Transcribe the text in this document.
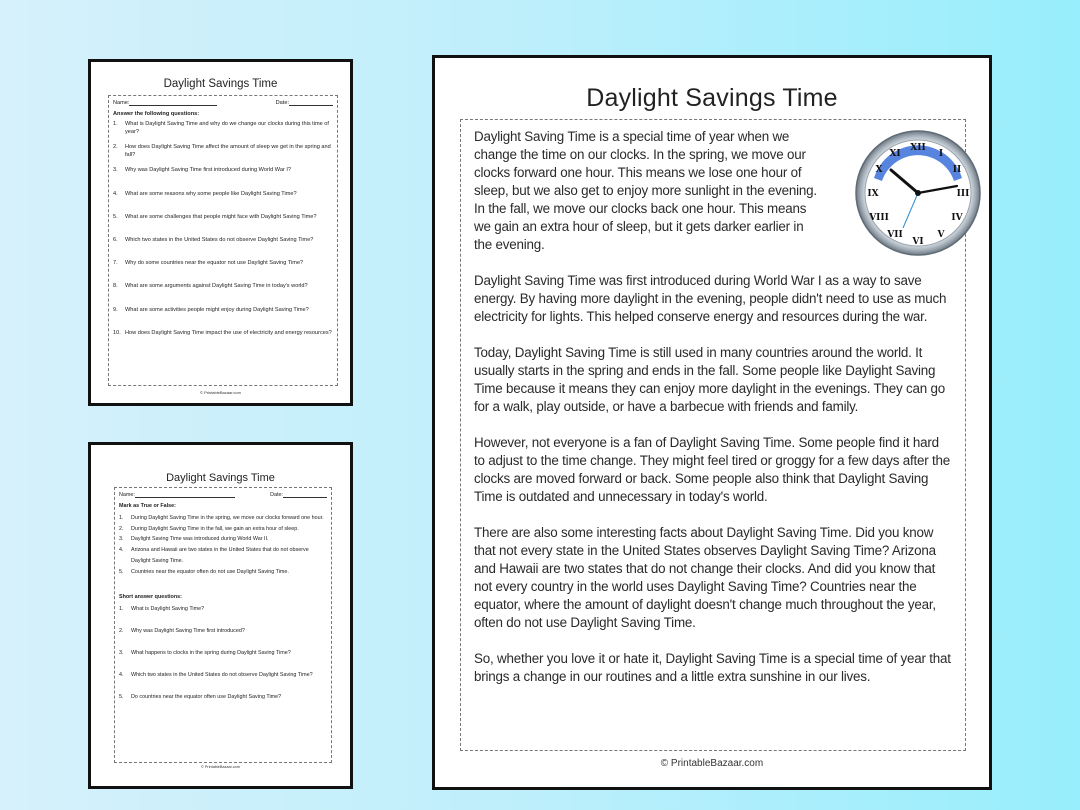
Daylight Savings Time
Name:	Date:
Answer the following questions:
1.	What is Daylight Saving Time and why do we change our clocks during this time of year?
2.	How does Daylight Saving Time affect the amount of sleep we get in the spring and fall?
3.	Why was Daylight Saving Time first introduced during World War I?
4.	What are some reasons why some people like Daylight Saving Time?
5.	What are some challenges that people might face with Daylight Saving Time?
6.	Which two states in the United States do not observe Daylight Saving Time?
7.	Why do some countries near the equator not use Daylight Saving Time?
8.	What are some arguments against Daylight Saving Time in today's world?
9.	What are some activities people might enjoy during Daylight Saving Time?
10. How does Daylight Saving Time impact the use of electricity and energy resources?
© PrintableBazaar.com
Daylight Savings Time
Name:	Date:
Mark as True or False:
1.	During Daylight Saving Time in the spring, we move our clocks forward one hour.
2.	During Daylight Saving Time in the fall, we gain an extra hour of sleep.
3.	Daylight Saving Time was introduced during World War II.
4.	Arizona and Hawaii are two states in the United States that do not observe Daylight Saving Time.
5.	Countries near the equator often do not use Daylight Saving Time.
Short answer questions:
1.	What is Daylight Saving Time?
2.	Why was Daylight Saving Time first introduced?
3.	What happens to clocks in the spring during Daylight Saving Time?
4.	Which two states in the United States do not observe Daylight Saving Time?
5.	Do countries near the equator often use Daylight Saving Time?
© PrintableBazaar.com
Daylight Savings Time
XII
I
II
III
IV
V
VI
VII
VIII
IX
X
XI

Daylight Saving Time is a special time of year when we change the time on our clocks. In the spring, we move our clocks forward one hour. This means we lose one hour of sleep, but we also get to enjoy more sunlight in the evening. In the fall, we move our clocks back one hour. This means we gain an extra hour of sleep, but it gets darker earlier in the evening.

Daylight Saving Time was first introduced during World War I as a way to save energy. By having more daylight in the evening, people didn't need to use as much electricity for lights. This helped conserve energy and resources during the war.

Today, Daylight Saving Time is still used in many countries around the world. It usually starts in the spring and ends in the fall. Some people like Daylight Saving Time because it means they can enjoy more daylight in the evenings. They can go for a walk, play outside, or have a barbecue with friends and family.

However, not everyone is a fan of Daylight Saving Time. Some people find it hard to adjust to the time change. They might feel tired or groggy for a few days after the clocks are moved forward or back. Some people also think that Daylight Saving Time is outdated and unnecessary in today's world.

There are also some interesting facts about Daylight Saving Time. Did you know that not every state in the United States observes Daylight Saving Time? Arizona and Hawaii are two states that do not change their clocks. And did you know that not every country in the world uses Daylight Saving Time? Countries near the equator, where the amount of daylight doesn't change much throughout the year, often do not use Daylight Saving Time.

So, whether you love it or hate it, Daylight Saving Time is a special time of year that brings a change in our routines and a little extra sunshine in our lives.

© PrintableBazaar.com
